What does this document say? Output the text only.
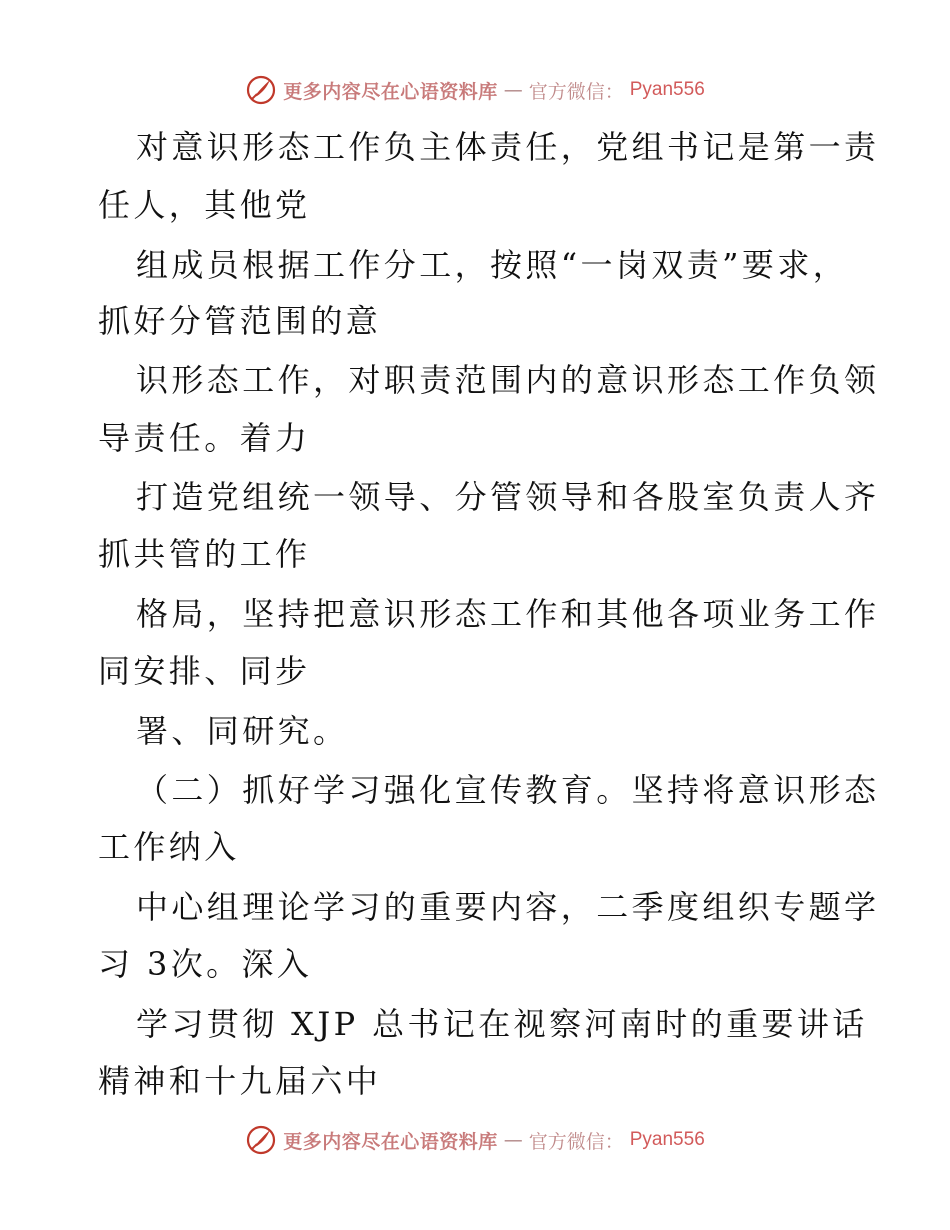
更多内容尽在心语资料库 — 官方微信： Pyan556
对意识形态工作负主体责任，党组书记是第一责
任人，其他党
组成员根据工作分工，按照“一岗双责”要求，
抓好分管范围的意
识形态工作，对职责范围内的意识形态工作负领
导责任。着力
打造党组统一领导、分管领导和各股室负责人齐
抓共管的工作
格局，坚持把意识形态工作和其他各项业务工作
同安排、同步
署、同研究。
（二）抓好学习强化宣传教育。坚持将意识形态
工作纳入
中心组理论学习的重要内容，二季度组织专题学
习 3次。深入
学习贯彻 XJP 总书记在视察河南时的重要讲话
精神和十九届六中
更多内容尽在心语资料库 — 官方微信： Pyan556
